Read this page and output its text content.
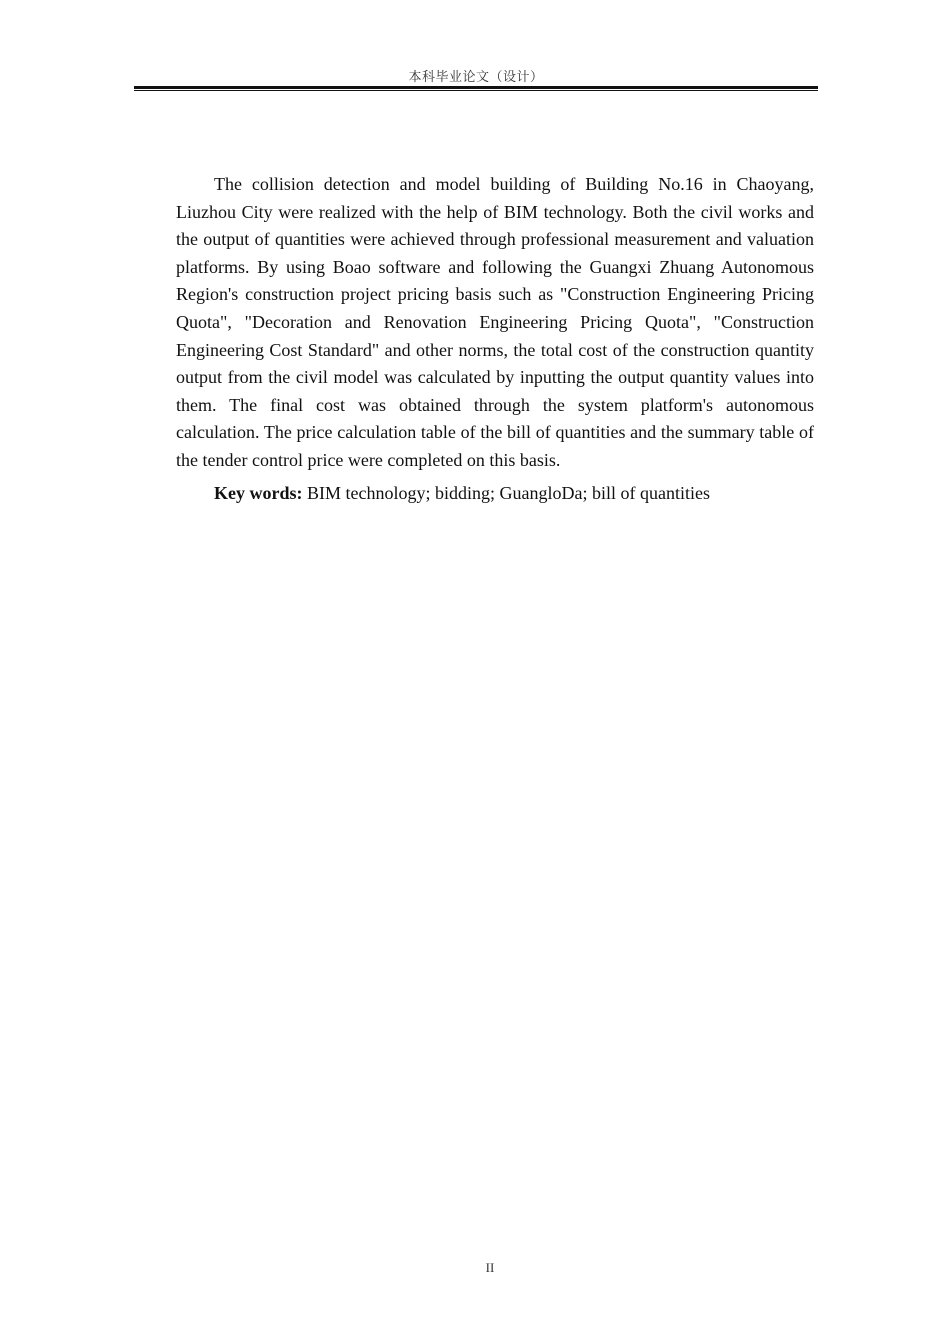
本科毕业论文（设计）

The collision detection and model building of Building No.16 in Chaoyang, Liuzhou City were realized with the help of BIM technology. Both the civil works and the output of quantities were achieved through professional measurement and valuation platforms. By using Boao software and following the Guangxi Zhuang Autonomous Region's construction project pricing basis such as "Construction Engineering Pricing Quota", "Decoration and Renovation Engineering Pricing Quota", "Construction Engineering Cost Standard" and other norms, the total cost of the construction quantity output from the civil model was calculated by inputting the output quantity values into them. The final cost was obtained through the system platform's autonomous calculation. The price calculation table of the bill of quantities and the summary table of the tender control price were completed on this basis.

Key words: BIM technology; bidding; GuangloDa; bill of quantities

II
